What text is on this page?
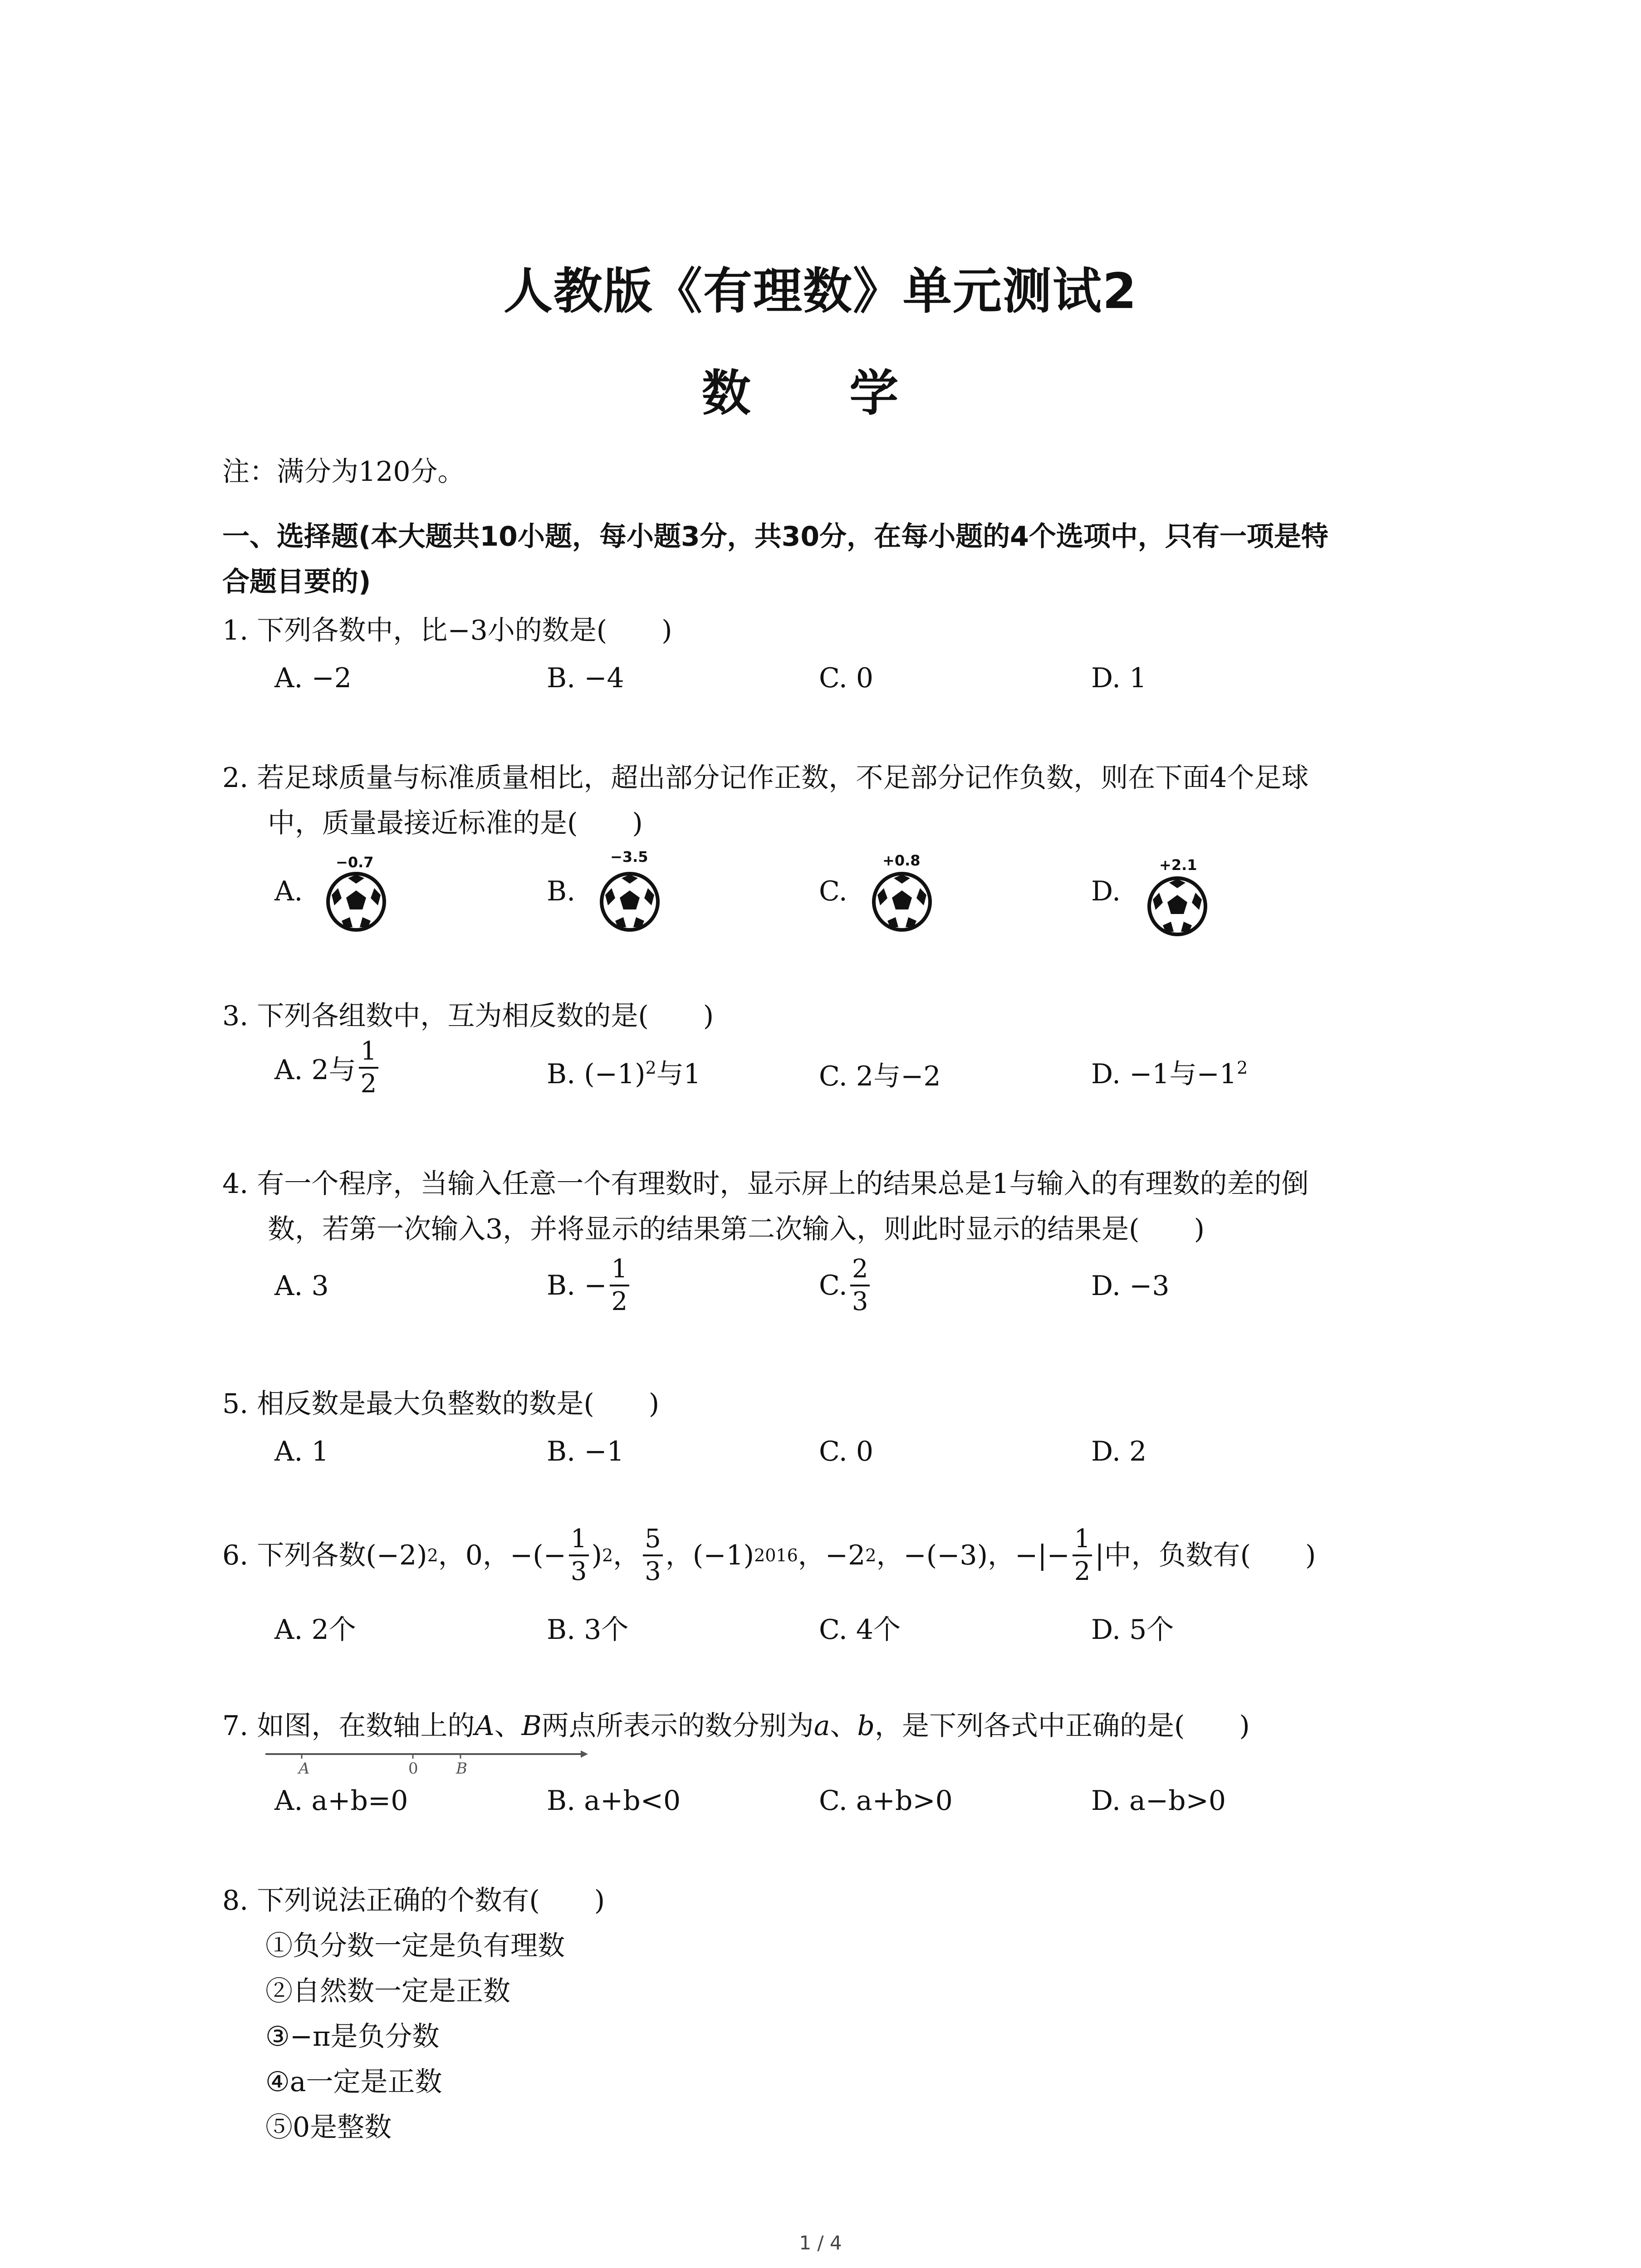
人教版《有理数》单元测试2
数 学
注：满分为120分。
一、选择题(本大题共10小题，每小题3分，共30分，在每小题的4个选项中，只有一项是特
合题目要的)
1. 下列各数中，比−3小的数是(　　)
A. −2	B. −4	C. 0	D. 1
2. 若足球质量与标准质量相比，超出部分记作正数，不足部分记作负数，则在下面4个足球
中，质量最接近标准的是(　　)
A.
−0.7
B.
−3.5
C.
+0.8
D.
+2.1
3. 下列各组数中，互为相反数的是(　　)
A. 2与 $\frac{1}{2}$	B. $(-1)^2$与1	C. 2与−2	D. −1与$-1^2$
4. 有一个程序，当输入任意一个有理数时，显示屏上的结果总是1与输入的有理数的差的倒
数，若第一次输入3，并将显示的结果第二次输入，则此时显示的结果是(　　)
A. 3	B. − $\frac{1}{2}$	C. $\frac{2}{3}$	D. −3
5. 相反数是最大负整数的数是(　　)
A. 1	B. −1	C. 0	D. 2
6. 下列各数(−2) 2 ，0，−(− $\frac{1}{3}$ ) 2 ， $\frac{5}{3}$ ，(−1) 2016 ，−2 2 ，−(−3)，−|− $\frac{1}{2}$ |中，负数有(　　)
A. 2个	B. 3个	C. 4个	D. 5个
7. 如图，在数轴上的A、B两点所表示的数分别为a、b，是下列各式中正确的是(　　)
A	0 B
A. a+b=0	B. a+b<0	C. a+b>0	D. a−b>0
8. 下列说法正确的个数有(　　)
①负分数一定是负有理数
②自然数一定是正数
③−π是负分数
④a一定是正数
⑤0是整数
1 / 4
